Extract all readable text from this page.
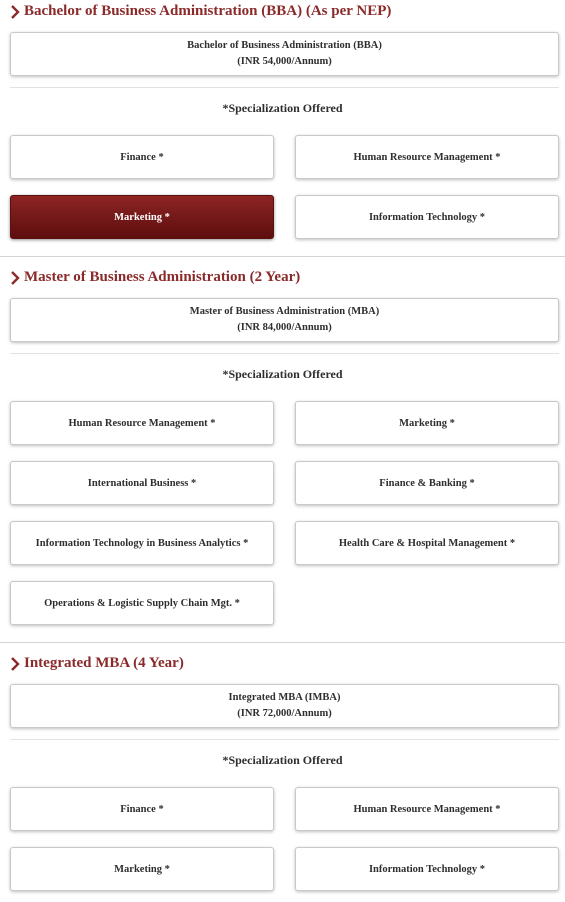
Bachelor of Business Administration (BBA) (As per NEP)
Bachelor of Business Administration (BBA)
(INR 54,000/Annum)
*Specialization Offered
Finance *	Human Resource Management *
Marketing *	Information Technology *
Master of Business Administration (2 Year)
Master of Business Administration (MBA)
(INR 84,000/Annum)
*Specialization Offered
Human Resource Management *	Marketing *
International Business *	Finance & Banking *
Information Technology in Business Analytics *	Health Care & Hospital Management *
Operations & Logistic Supply Chain Mgt. *
Integrated MBA (4 Year)
Integrated MBA (IMBA)
(INR 72,000/Annum)
*Specialization Offered
Finance *	Human Resource Management *
Marketing *	Information Technology *
